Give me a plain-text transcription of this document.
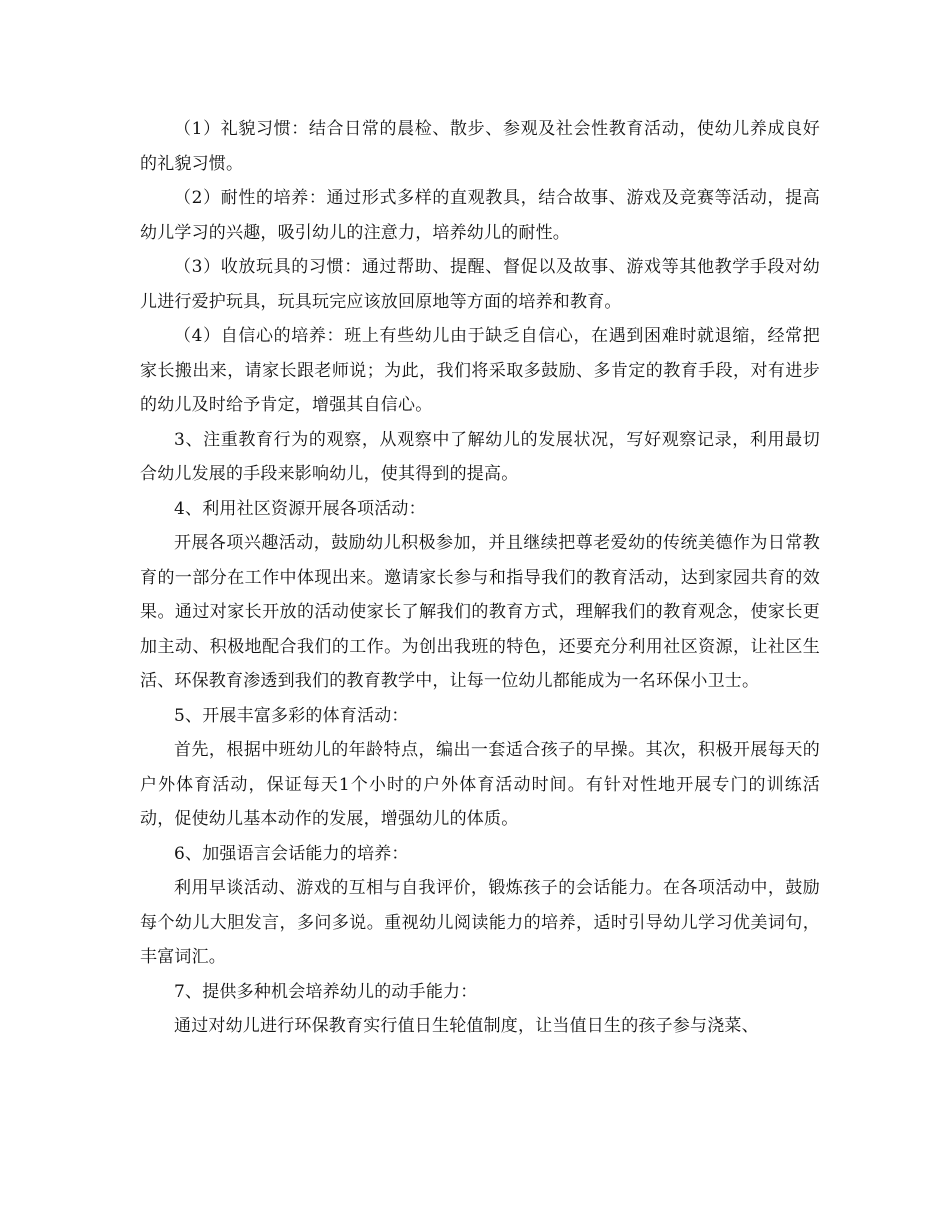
（1）礼貌习惯：结合日常的晨检、散步、参观及社会性教育活动，使幼儿养成良好的礼貌习惯。

（2）耐性的培养：通过形式多样的直观教具，结合故事、游戏及竞赛等活动，提高幼儿学习的兴趣，吸引幼儿的注意力，培养幼儿的耐性。

（3）收放玩具的习惯：通过帮助、提醒、督促以及故事、游戏等其他教学手段对幼儿进行爱护玩具，玩具玩完应该放回原地等方面的培养和教育。

（4）自信心的培养：班上有些幼儿由于缺乏自信心，在遇到困难时就退缩，经常把家长搬出来，请家长跟老师说；为此，我们将采取多鼓励、多肯定的教育手段，对有进步的幼儿及时给予肯定，增强其自信心。

3、注重教育行为的观察，从观察中了解幼儿的发展状况，写好观察记录，利用最切合幼儿发展的手段来影响幼儿，使其得到的提高。

4、利用社区资源开展各项活动：

开展各项兴趣活动，鼓励幼儿积极参加，并且继续把尊老爱幼的传统美德作为日常教育的一部分在工作中体现出来。邀请家长参与和指导我们的教育活动，达到家园共育的效果。通过对家长开放的活动使家长了解我们的教育方式，理解我们的教育观念，使家长更加主动、积极地配合我们的工作。为创出我班的特色，还要充分利用社区资源，让社区生活、环保教育渗透到我们的教育教学中，让每一位幼儿都能成为一名环保小卫士。

5、开展丰富多彩的体育活动：

首先，根据中班幼儿的年龄特点，编出一套适合孩子的早操。其次，积极开展每天的户外体育活动，保证每天1个小时的户外体育活动时间。有针对性地开展专门的训练活动，促使幼儿基本动作的发展，增强幼儿的体质。

6、加强语言会话能力的培养：

利用早谈活动、游戏的互相与自我评价，锻炼孩子的会话能力。在各项活动中，鼓励每个幼儿大胆发言，多问多说。重视幼儿阅读能力的培养，适时引导幼儿学习优美词句，丰富词汇。

7、提供多种机会培养幼儿的动手能力：

通过对幼儿进行环保教育实行值日生轮值制度，让当值日生的孩子参与浇菜、
